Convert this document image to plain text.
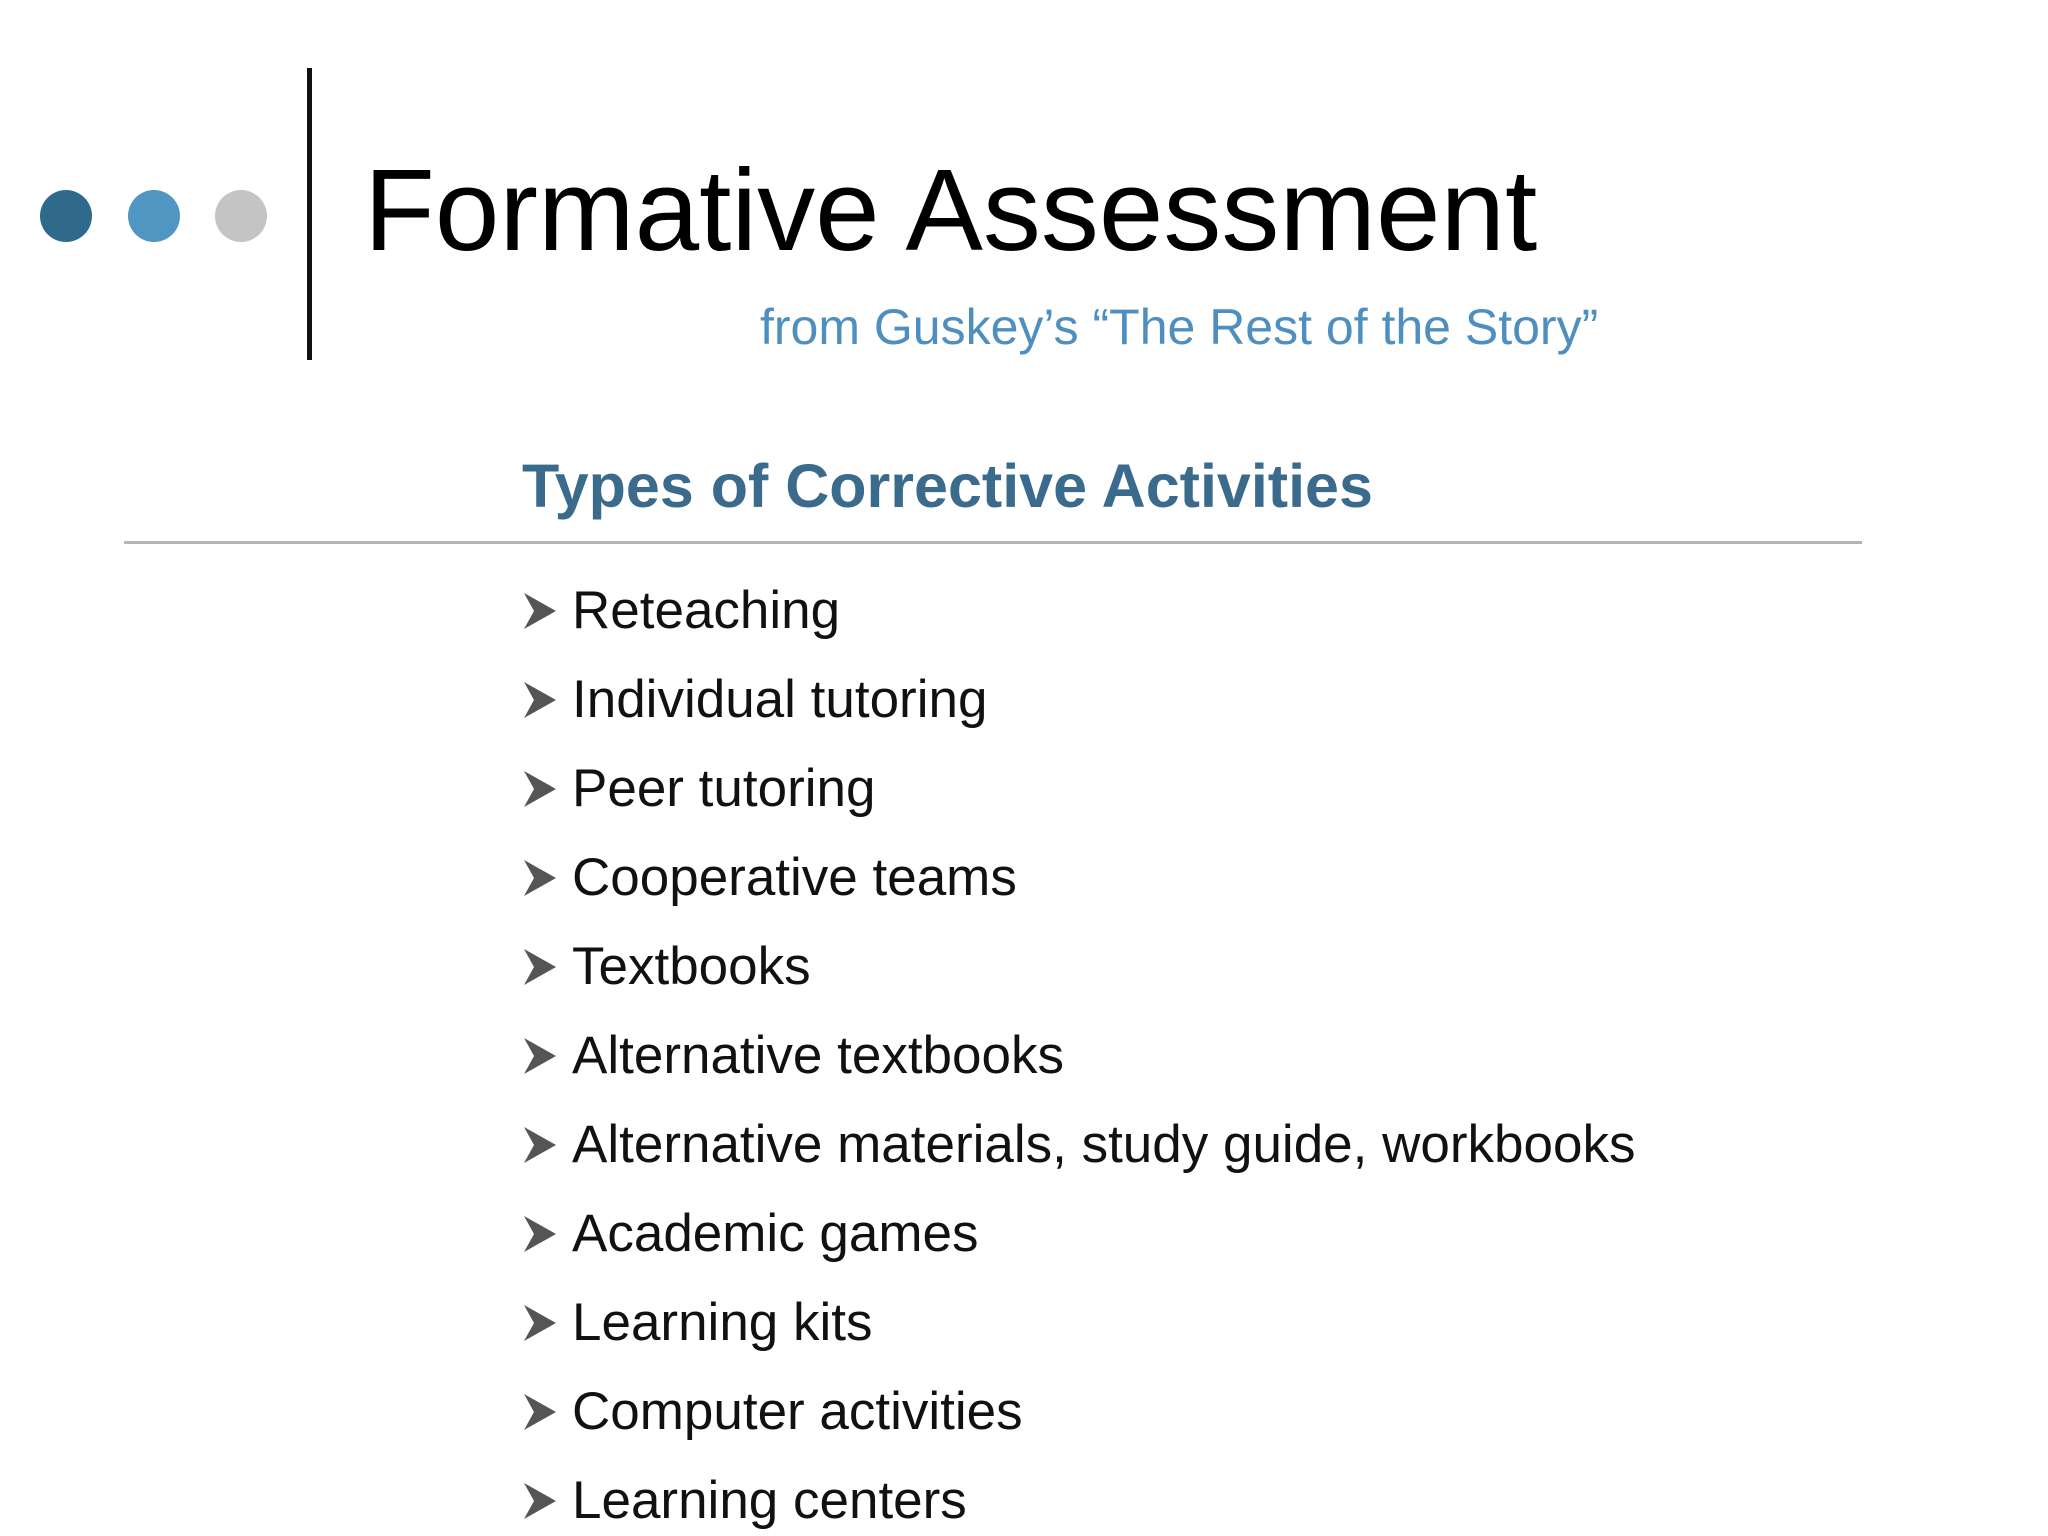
Formative Assessment

from Guskey’s “The Rest of the Story”

Types of Corrective Activities
Reteaching
Individual tutoring
Peer tutoring
Cooperative teams
Textbooks
Alternative textbooks
Alternative materials, study guide, workbooks
Academic games
Learning kits
Computer activities
Learning centers
